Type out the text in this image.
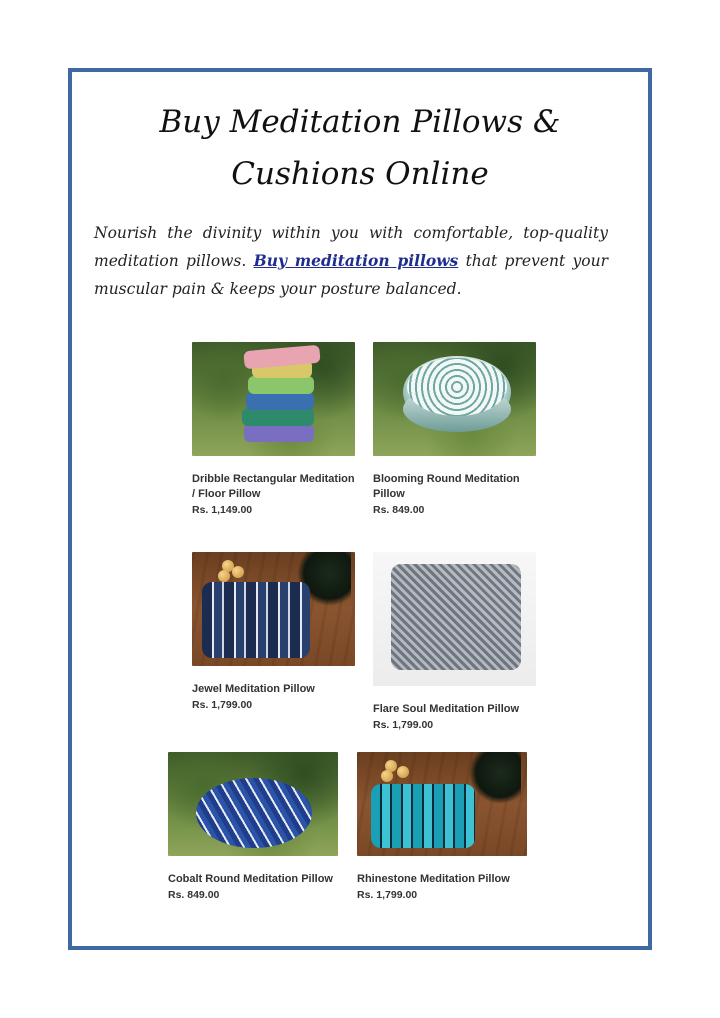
Buy Meditation Pillows & Cushions Online

Nourish the divinity within you with comfortable, top-quality meditation pillows. Buy meditation pillows that prevent your muscular pain & keeps your posture balanced.

Dribble Rectangular Meditation / Floor Pillow
Rs. 1,149.00
Blooming Round Meditation Pillow
Rs. 849.00
Jewel Meditation Pillow
Rs. 1,799.00	Flare Soul Meditation Pillow
Rs. 1,799.00
Cobalt Round Meditation Pillow
Rs. 849.00
Rhinestone Meditation Pillow
Rs. 1,799.00
